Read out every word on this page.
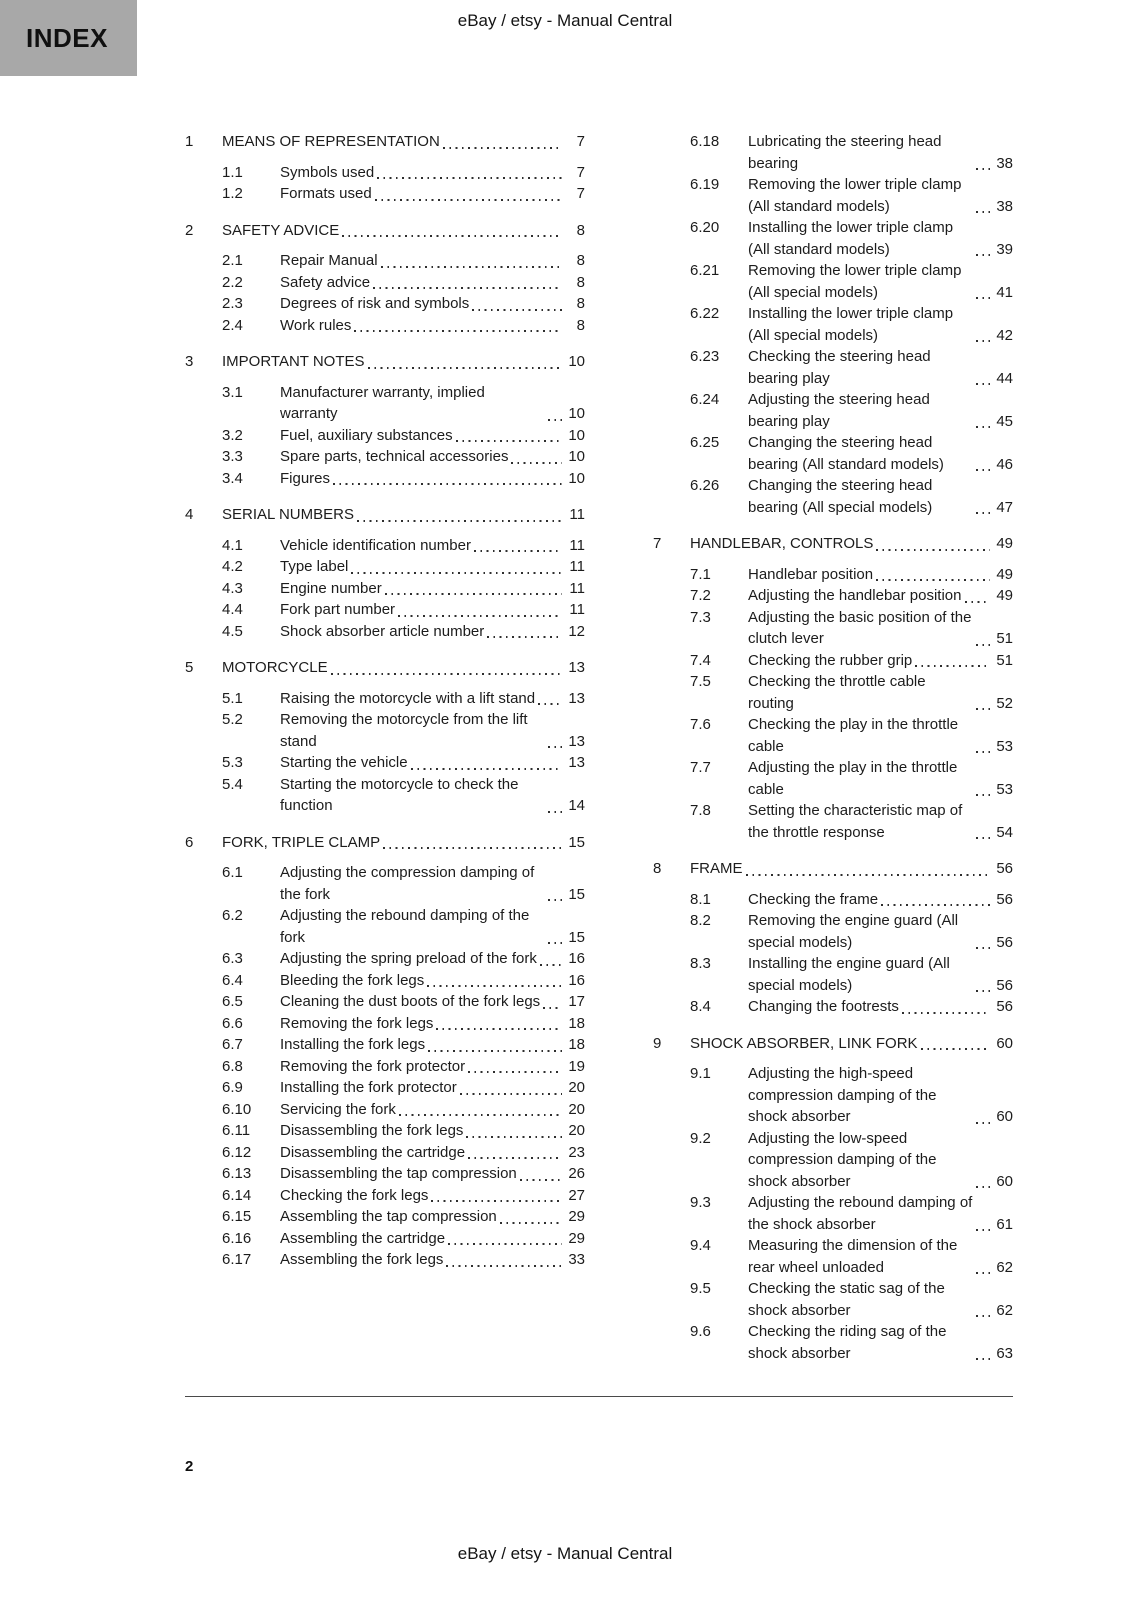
INDEX
eBay / etsy - Manual Central
1	MEANS OF REPRESENTATION	7
1.1	Symbols used	7
1.2	Formats used	7
2	SAFETY ADVICE	8
2.1	Repair Manual	8
2.2	Safety advice	8
2.3	Degrees of risk and symbols	8
2.4	Work rules	8
3	IMPORTANT NOTES	10
3.1	Manufacturer warranty, implied warranty	10
3.2	Fuel, auxiliary substances	10
3.3	Spare parts, technical accessories	10
3.4	Figures	10
4	SERIAL NUMBERS	11
4.1	Vehicle identification number	11
4.2	Type label	11
4.3	Engine number	11
4.4	Fork part number	11
4.5	Shock absorber article number	12
5	MOTORCYCLE	13
5.1	Raising the motorcycle with a lift stand 13
5.2	Removing the motorcycle from the lift stand	13
5.3	Starting the vehicle	13
5.4	Starting the motorcycle to check the function	14
6	FORK, TRIPLE CLAMP	15
6.1	Adjusting the compression damping of the fork	15
6.2	Adjusting the rebound damping of the fork	15
6.3	Adjusting the spring preload of the fork 16
6.4	Bleeding the fork legs	16
6.5	Cleaning the dust boots of the fork legs 17
6.6	Removing the fork legs	18
6.7	Installing the fork legs	18
6.8	Removing the fork protector	19
6.9	Installing the fork protector	20
6.10	Servicing the fork	20
6.11	Disassembling the fork legs	20
6.12	Disassembling the cartridge	23
6.13	Disassembling the tap compression	26
6.14	Checking the fork legs	27
6.15	Assembling the tap compression	29
6.16	Assembling the cartridge	29
6.17	Assembling the fork legs	33
6.18	Lubricating the steering head bearing	38
6.19	Removing the lower triple clamp (All standard models)	38
6.20	Installing the lower triple clamp (All standard models)	39
6.21	Removing the lower triple clamp (All special models)	41
6.22	Installing the lower triple clamp (All special models)	42
6.23	Checking the steering head bearing play	44
6.24	Adjusting the steering head bearing play	45
6.25	Changing the steering head bearing (All standard models)	46
6.26	Changing the steering head bearing (All special models)	47
7	HANDLEBAR, CONTROLS	49
7.1	Handlebar position	49
7.2	Adjusting the handlebar position 49
7.3	Adjusting the basic position of the clutch lever	51
7.4	Checking the rubber grip	51
7.5	Checking the throttle cable routing	52
7.6	Checking the play in the throttle cable	53
7.7	Adjusting the play in the throttle cable	53
7.8	Setting the characteristic map of the throttle response	54
8	FRAME	56
8.1	Checking the frame	56
8.2	Removing the engine guard (All special models)	56
8.3	Installing the engine guard (All special models)	56
8.4	Changing the footrests	56
9	SHOCK ABSORBER, LINK FORK	60
9.1	Adjusting the high-speed compression damping of the shock absorber	60
9.2	Adjusting the low-speed compression damping of the shock absorber	60
9.3	Adjusting the rebound damping of the shock absorber	61
9.4	Measuring the dimension of the rear wheel unloaded	62
9.5	Checking the static sag of the shock absorber	62
9.6	Checking the riding sag of the shock absorber	63
2
eBay / etsy - Manual Central
